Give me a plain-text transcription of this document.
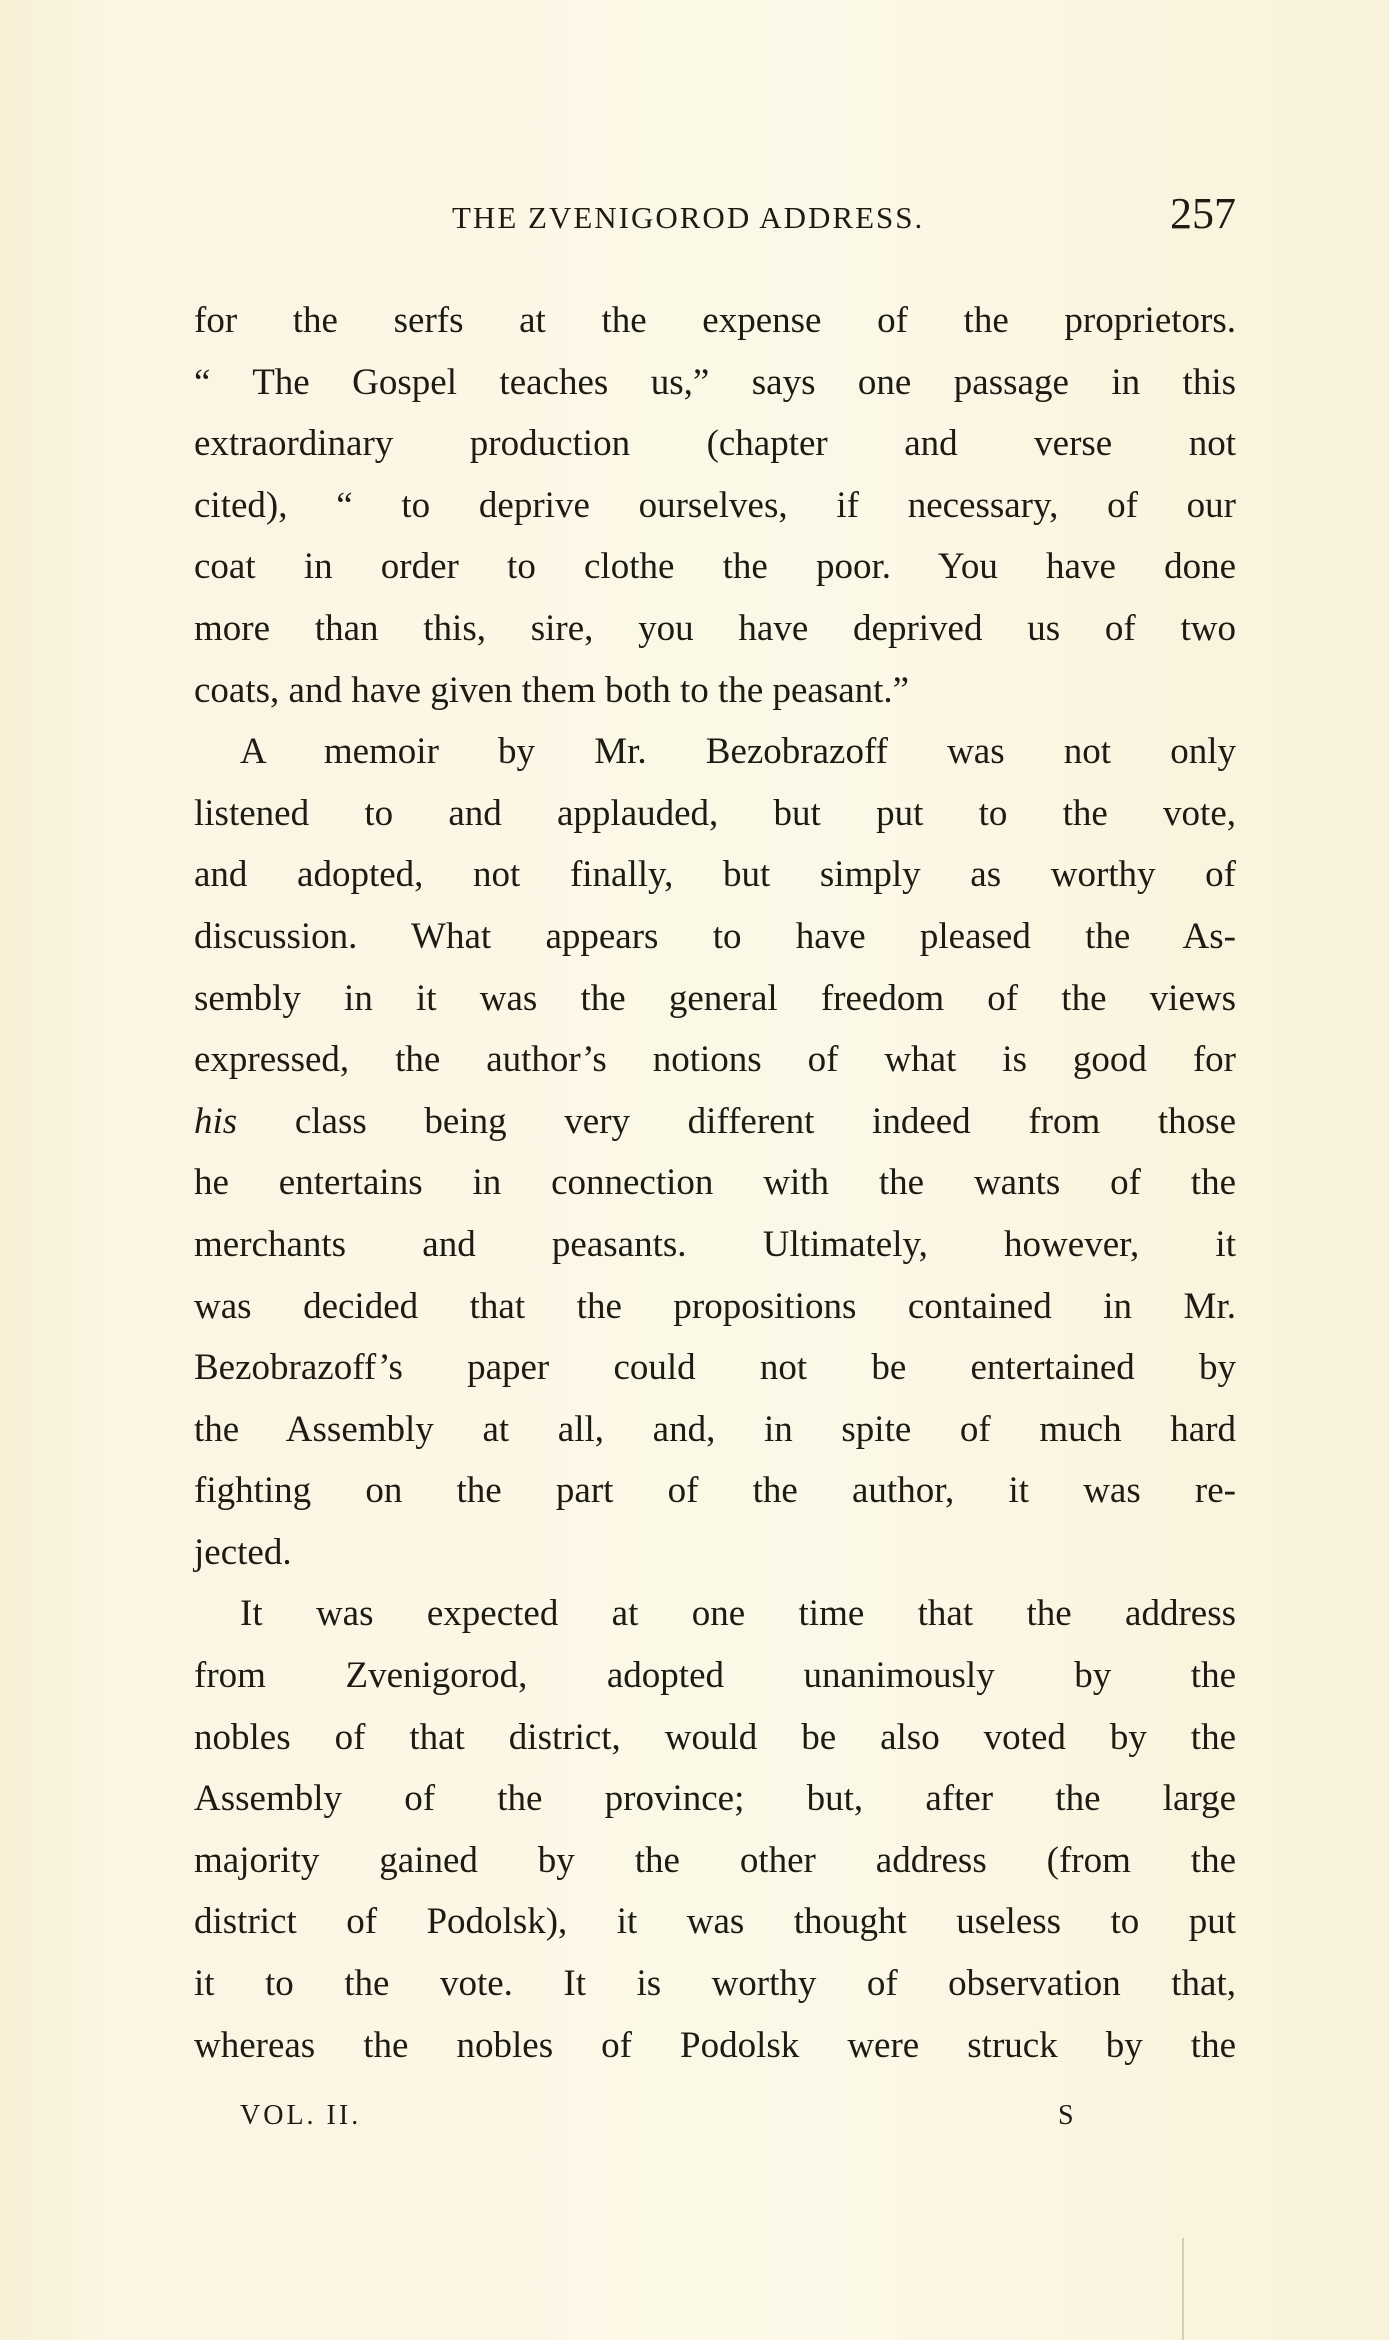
THE ZVENIGOROD ADDRESS.	257
for the serfs at the expense of the proprietors.
“ The Gospel teaches us,” says one passage in this
extraordinary production (chapter and verse not
cited), “ to deprive ourselves, if necessary, of our
coat in order to clothe the poor. You have done
more than this, sire, you have deprived us of two
coats, and have given them both to the peasant.”
A memoir by Mr. Bezobrazoff was not only
listened to and applauded, but put to the vote,
and adopted, not finally, but simply as worthy of
discussion. What appears to have pleased the As-
sembly in it was the general freedom of the views
expressed, the author’s notions of what is good for
his class being very different indeed from those
he entertains in connection with the wants of the
merchants and peasants. Ultimately, however, it
was decided that the propositions contained in Mr.
Bezobrazoff’s paper could not be entertained by
the Assembly at all, and, in spite of much hard
fighting on the part of the author, it was re-
jected.
It was expected at one time that the address
from Zvenigorod, adopted unanimously by the
nobles of that district, would be also voted by the
Assembly of the province; but, after the large
majority gained by the other address (from the
district of Podolsk), it was thought useless to put
it to the vote. It is worthy of observation that,
whereas the nobles of Podolsk were struck by the
VOL. II.	S
